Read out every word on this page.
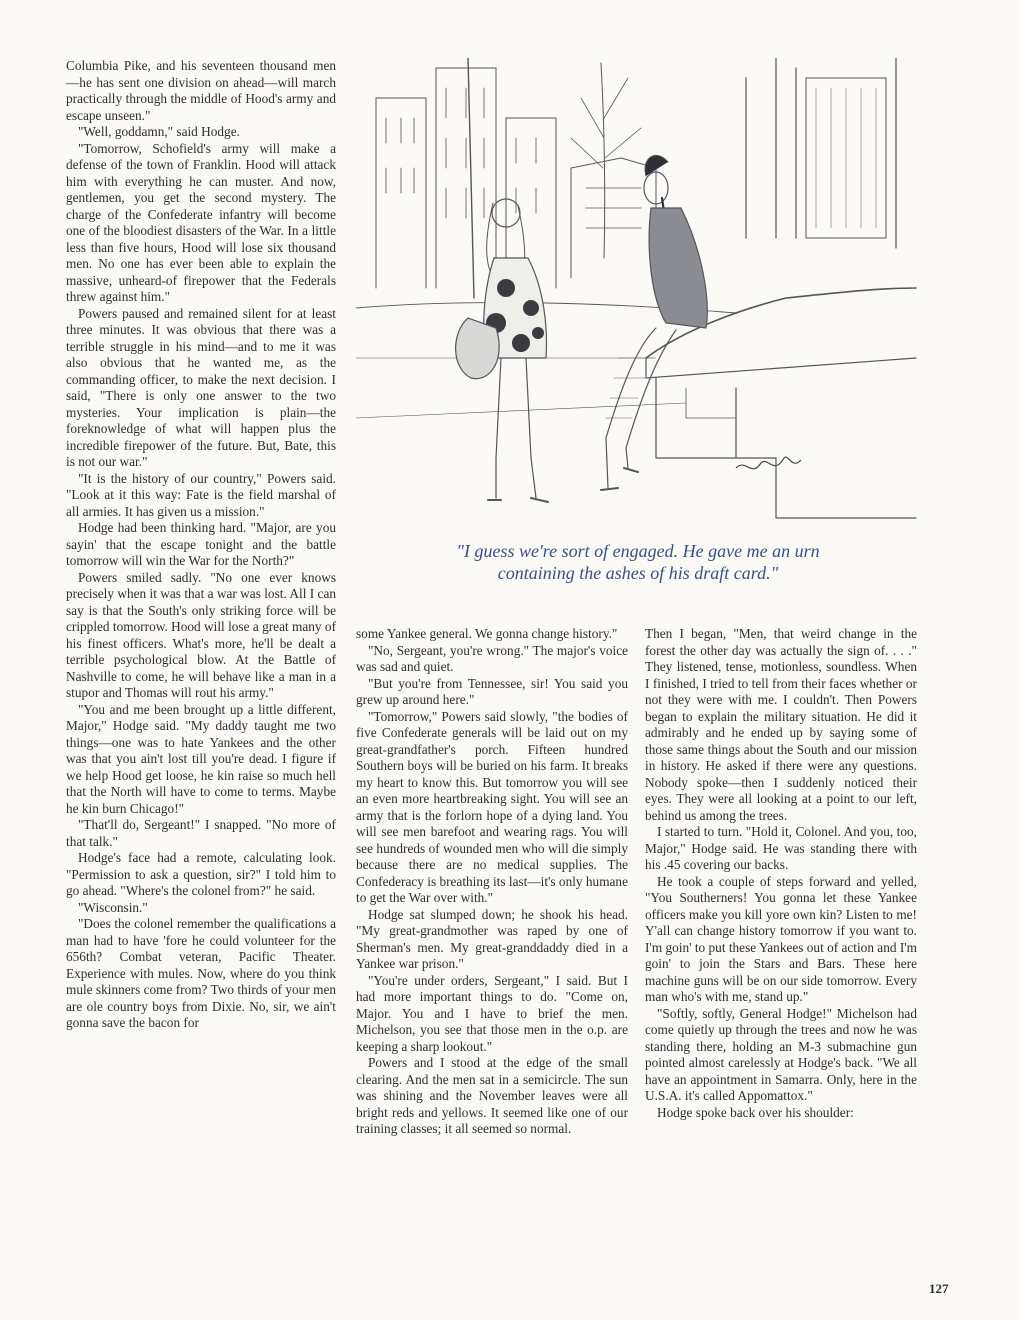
Columbia Pike, and his seventeen thousand men—he has sent one division on ahead—will march practically through the middle of Hood's army and escape unseen."

"Well, goddamn," said Hodge.

"Tomorrow, Schofield's army will make a defense of the town of Franklin. Hood will attack him with everything he can muster. And now, gentlemen, you get the second mystery. The charge of the Confederate infantry will become one of the bloodiest disasters of the War. In a little less than five hours, Hood will lose six thousand men. No one has ever been able to explain the massive, unheard-of firepower that the Federals threw against him."

Powers paused and remained silent for at least three minutes. It was obvious that there was a terrible struggle in his mind—and to me it was also obvious that he wanted me, as the commanding officer, to make the next decision. I said, "There is only one answer to the two mysteries. Your implication is plain—the foreknowledge of what will happen plus the incredible firepower of the future. But, Bate, this is not our war."

"It is the history of our country," Powers said. "Look at it this way: Fate is the field marshal of all armies. It has given us a mission."

Hodge had been thinking hard. "Major, are you sayin' that the escape tonight and the battle tomorrow will win the War for the North?"

Powers smiled sadly. "No one ever knows precisely when it was that a war was lost. All I can say is that the South's only striking force will be crippled tomorrow. Hood will lose a great many of his finest officers. What's more, he'll be dealt a terrible psychological blow. At the Battle of Nashville to come, he will behave like a man in a stupor and Thomas will rout his army."

"You and me been brought up a little different, Major," Hodge said. "My daddy taught me two things—one was to hate Yankees and the other was that you ain't lost till you're dead. I figure if we help Hood get loose, he kin raise so much hell that the North will have to come to terms. Maybe he kin burn Chicago!"

"That'll do, Sergeant!" I snapped. "No more of that talk."

Hodge's face had a remote, calculating look. "Permission to ask a question, sir?" I told him to go ahead. "Where's the colonel from?" he said.

"Wisconsin."

"Does the colonel remember the qualifications a man had to have 'fore he could volunteer for the 656th? Combat veteran, Pacific Theater. Experience with mules. Now, where do you think mule skinners come from? Two thirds of your men are ole country boys from Dixie. No, sir, we ain't gonna save the bacon for

"I guess we're sort of engaged. He gave me an urn
containing the ashes of his draft card."

some Yankee general. We gonna change history."

"No, Sergeant, you're wrong." The major's voice was sad and quiet.

"But you're from Tennessee, sir! You said you grew up around here."

"Tomorrow," Powers said slowly, "the bodies of five Confederate generals will be laid out on my great-grandfather's porch. Fifteen hundred Southern boys will be buried on his farm. It breaks my heart to know this. But tomorrow you will see an even more heartbreaking sight. You will see an army that is the forlorn hope of a dying land. You will see men barefoot and wearing rags. You will see hundreds of wounded men who will die simply because there are no medical supplies. The Confederacy is breathing its last—it's only humane to get the War over with."

Hodge sat slumped down; he shook his head. "My great-grandmother was raped by one of Sherman's men. My great-granddaddy died in a Yankee war prison."

"You're under orders, Sergeant," I said. But I had more important things to do. "Come on, Major. You and I have to brief the men. Michelson, you see that those men in the o.p. are keeping a sharp lookout."

Powers and I stood at the edge of the small clearing. And the men sat in a semicircle. The sun was shining and the November leaves were all bright reds and yellows. It seemed like one of our training classes; it all seemed so normal.

Then I began, "Men, that weird change in the forest the other day was actually the sign of. . . ." They listened, tense, motionless, soundless. When I finished, I tried to tell from their faces whether or not they were with me. I couldn't. Then Powers began to explain the military situation. He did it admirably and he ended up by saying some of those same things about the South and our mission in history. He asked if there were any questions. Nobody spoke—then I suddenly noticed their eyes. They were all looking at a point to our left, behind us among the trees.

I started to turn. "Hold it, Colonel. And you, too, Major," Hodge said. He was standing there with his .45 covering our backs.

He took a couple of steps forward and yelled, "You Southerners! You gonna let these Yankee officers make you kill yore own kin? Listen to me! Y'all can change history tomorrow if you want to. I'm goin' to put these Yankees out of action and I'm goin' to join the Stars and Bars. These here machine guns will be on our side tomorrow. Every man who's with me, stand up."

"Softly, softly, General Hodge!" Michelson had come quietly up through the trees and now he was standing there, holding an M-3 submachine gun pointed almost carelessly at Hodge's back. "We all have an appointment in Samarra. Only, here in the U.S.A. it's called Appomattox."

Hodge spoke back over his shoulder:

127
